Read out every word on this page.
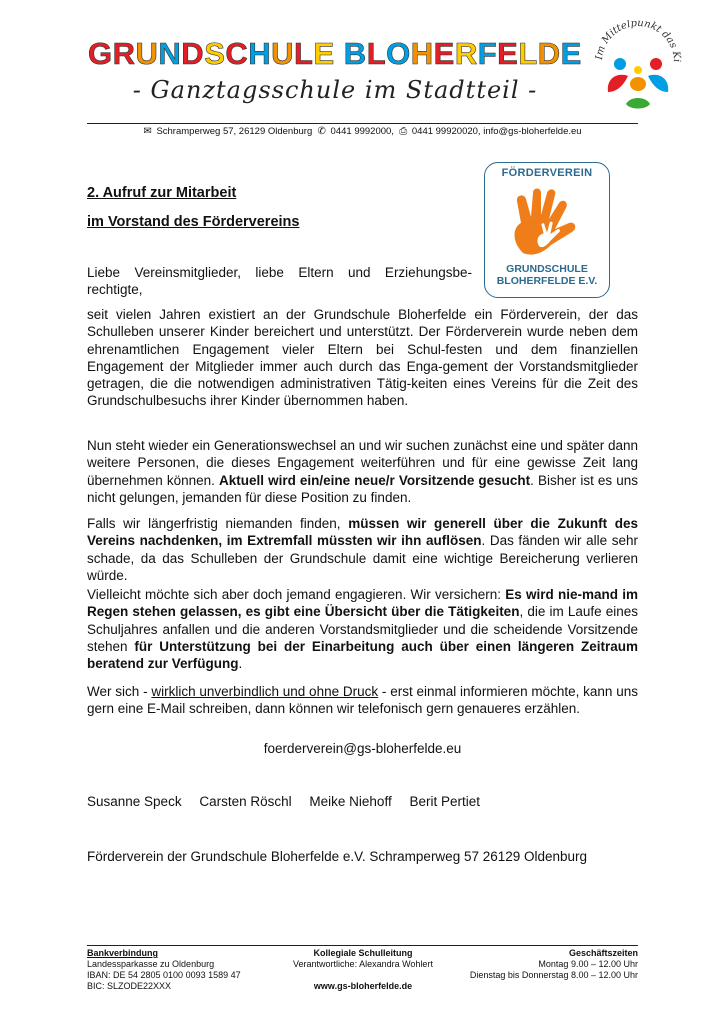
GRUNDSCHULE BLOHERFELDE
- Ganztagsschule im Stadtteil -
Im Mittelpunkt das Ki
✉ Schramperweg 57, 26129 Oldenburg ✆ 0441 9992000, ⎙ 0441 99920020, info@gs-bloherfelde.eu
FÖRDERVEREIN
GRUNDSCHULE
BLOHERFELDE E.V.
2. Aufruf zur Mitarbeit
im Vorstand des Fördervereins
Liebe Vereinsmitglieder, liebe Eltern und Erziehungsbe-rechtigte,
seit vielen Jahren existiert an der Grundschule Bloherfelde ein Förderverein, der das Schulleben unserer Kinder bereichert und unterstützt. Der Förderverein wurde neben dem ehrenamtlichen Engagement vieler Eltern bei Schul-festen und dem finanziellen Engagement der Mitglieder immer auch durch das Enga-gement der Vorstandsmitglieder getragen, die die notwendigen administrativen Tätig-keiten eines Vereins für die Zeit des Grundschulbesuchs ihrer Kinder übernommen haben.
Nun steht wieder ein Generationswechsel an und wir suchen zunächst eine und später dann weitere Personen, die dieses Engagement weiterführen und für eine gewisse Zeit lang übernehmen können. Aktuell wird ein/eine neue/r Vorsitzende gesucht. Bisher ist es uns nicht gelungen, jemanden für diese Position zu finden.
Falls wir längerfristig niemanden finden, müssen wir generell über die Zukunft des Vereins nachdenken, im Extremfall müssten wir ihn auflösen. Das fänden wir alle sehr schade, da das Schulleben der Grundschule damit eine wichtige Bereicherung verlieren würde.
Vielleicht möchte sich aber doch jemand engagieren. Wir versichern: Es wird nie-mand im Regen stehen gelassen, es gibt eine Übersicht über die Tätigkeiten, die im Laufe eines Schuljahres anfallen und die anderen Vorstandsmitglieder und die scheidende Vorsitzende stehen für Unterstützung bei der Einarbeitung auch über einen längeren Zeitraum beratend zur Verfügung.
Wer sich - wirklich unverbindlich und ohne Druck - erst einmal informieren möchte, kann uns gern eine E-Mail schreiben, dann können wir telefonisch gern genaueres erzählen.
foerderverein@gs-bloherfelde.eu
Susanne Speck Carsten Röschl Meike Niehoff Berit Pertiet
Förderverein der Grundschule Bloherfelde e.V. Schramperweg 57 26129 Oldenburg
Bankverbindung
Landessparkasse zu Oldenburg
IBAN: DE 54 2805 0100 0093 1589 47
BIC: SLZODE22XXX
Kollegiale Schulleitung
Verantwortliche: Alexandra Wohlert

www.gs-bloherfelde.de
Geschäftszeiten
Montag 9.00 – 12.00 Uhr
Dienstag bis Donnerstag 8.00 – 12.00 Uhr
